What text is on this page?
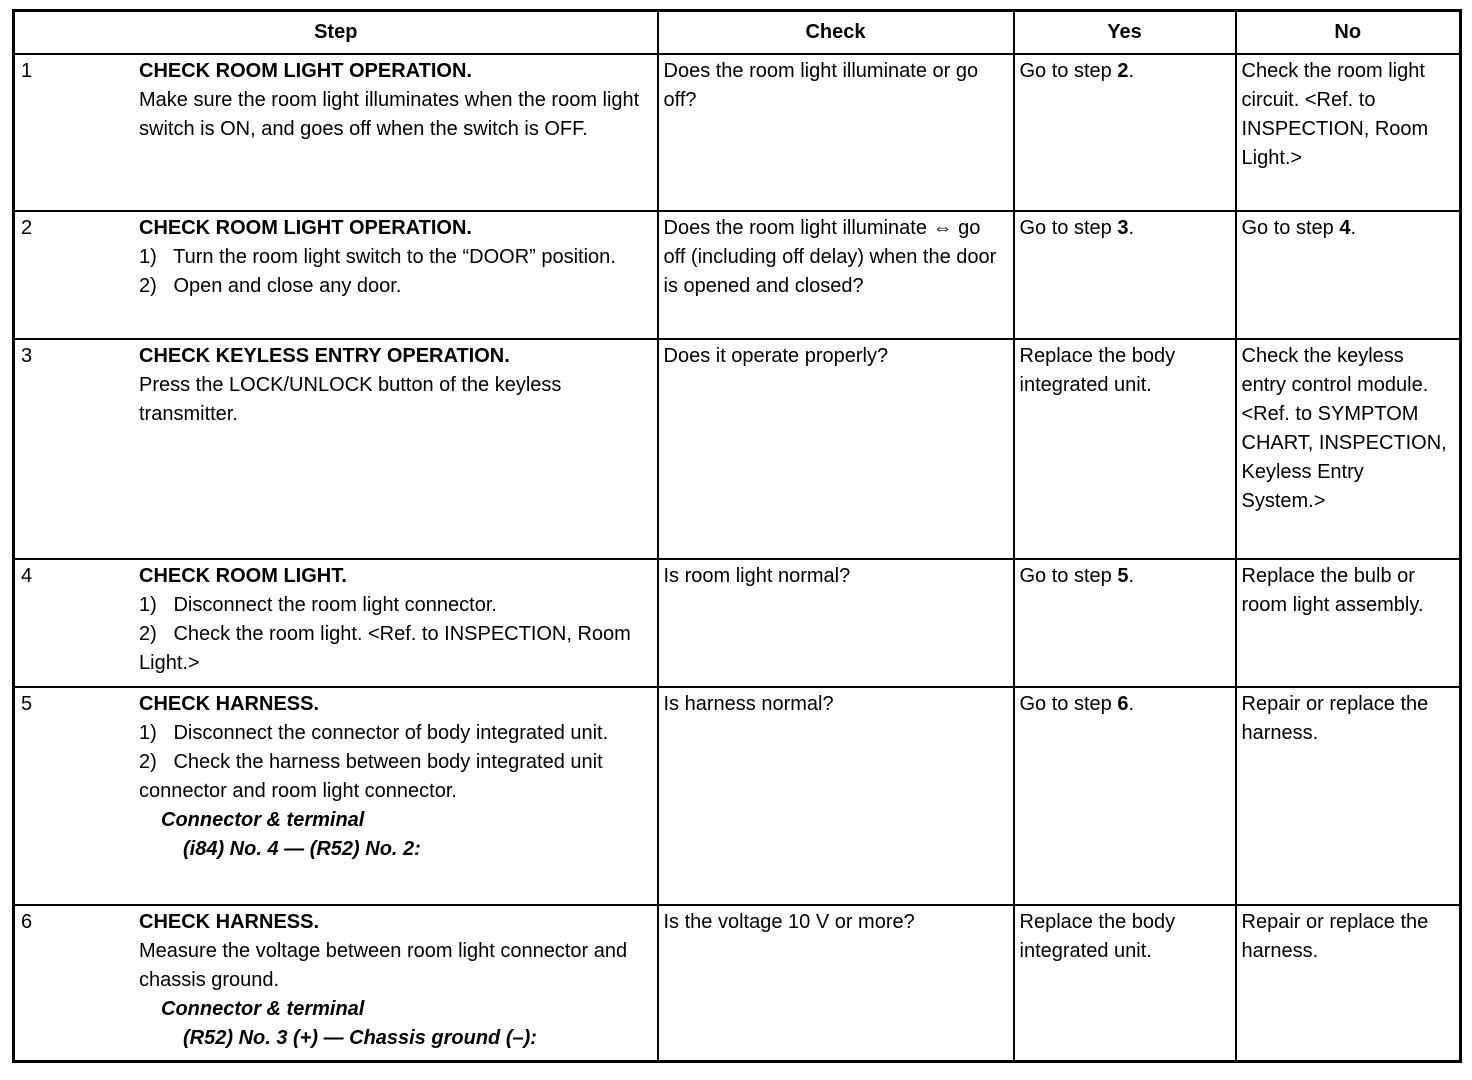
Step	Check	Yes	No

1 CHECK ROOM LIGHT OPERATION.
Make sure the room light illuminates when the room light switch is ON, and goes off when the switch is OFF.	Does the room light illuminate or go off?	Go to step 2.	Check the room light circuit. <Ref. to INSPECTION, Room Light.>

2 CHECK ROOM LIGHT OPERATION.
1)   Turn the room light switch to the “DOOR” position.
2)   Open and close any door.	Does the room light illuminate ⇔ go off (including off delay) when the door is opened and closed?	Go to step 3.	Go to step 4.

3 CHECK KEYLESS ENTRY OPERATION.
Press the LOCK/UNLOCK button of the keyless transmitter.	Does it operate properly?	Replace the body integrated unit.	Check the keyless entry control module. <Ref. to SYMPTOM CHART, INSPECTION, Keyless Entry System.>

4 CHECK ROOM LIGHT.
1)   Disconnect the room light connector.
2)   Check the room light. <Ref. to INSPECTION, Room Light.>	Is room light normal?	Go to step 5.	Replace the bulb or room light assembly.

5	CHECK HARNESS.
1)   Disconnect the connector of body integrated unit.
2)   Check the harness between body integrated unit connector and room light connector.
Connector & terminal
(i84) No. 4 — (R52) No. 2:
	Is harness normal?	Go to step 6.	Repair or replace the harness.

6 CHECK HARNESS.
Measure the voltage between room light connector and chassis ground.
Connector & terminal
(R52) No. 3 (+) — Chassis ground (–):	Is the voltage 10 V or more?	Replace the body integrated unit.	Repair or replace the harness.
